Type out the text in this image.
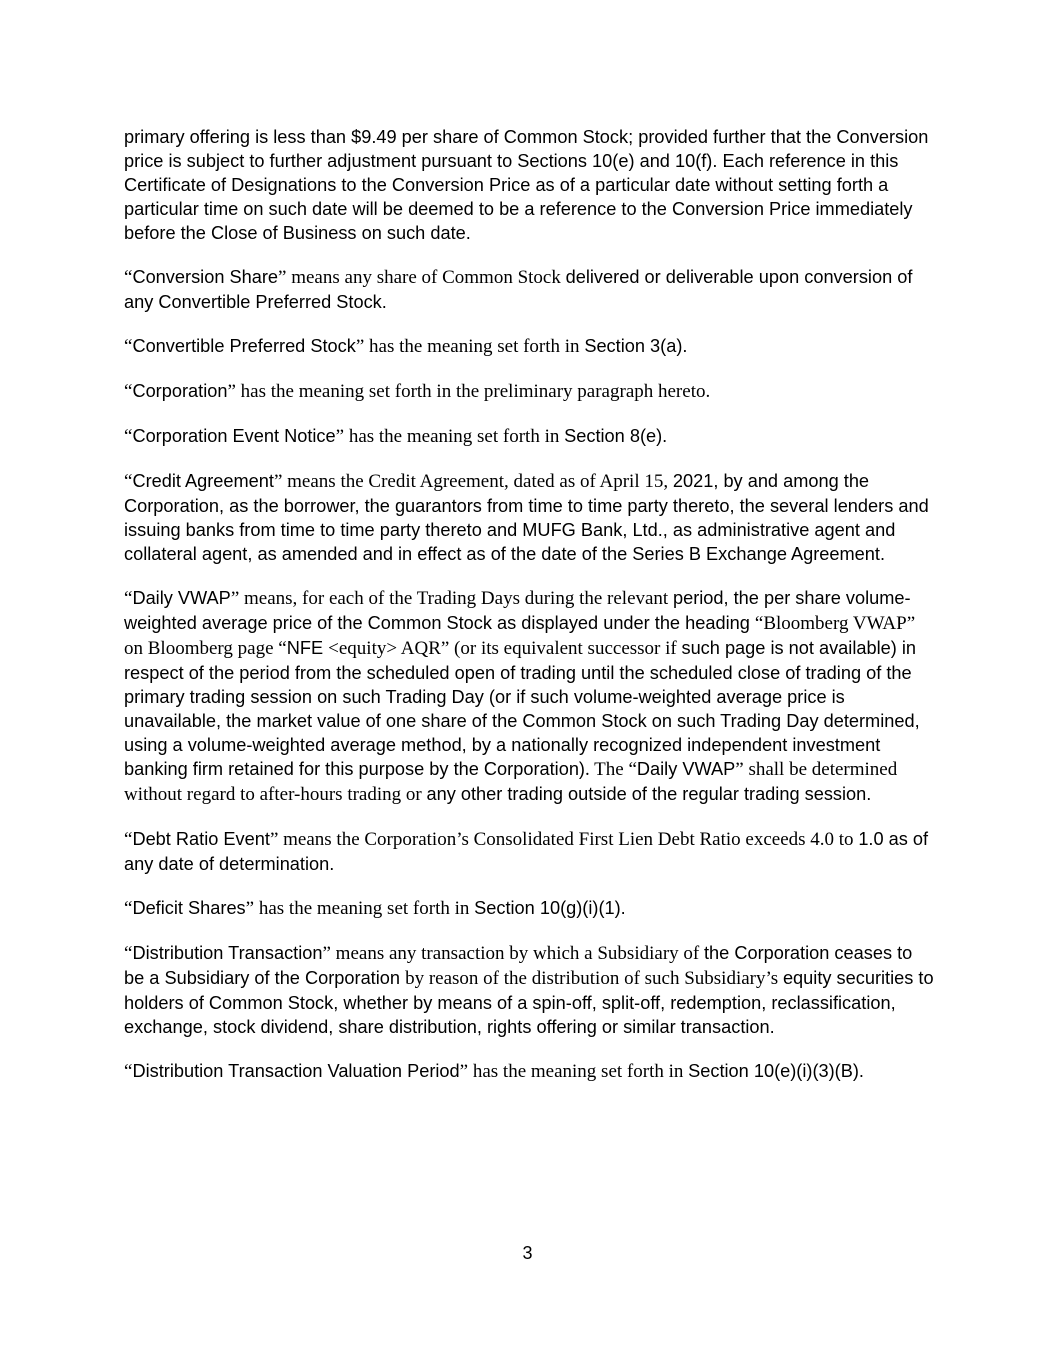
primary offering is less than $9.49 per share of Common Stock; provided further that the Conversion price is subject to further adjustment pursuant to Sections 10(e) and 10(f). Each reference in this Certificate of Designations to the Conversion Price as of a particular date without setting forth a particular time on such date will be deemed to be a reference to the Conversion Price immediately before the Close of Business on such date.

“Conversion Share” means any share of Common Stock delivered or deliverable upon conversion of any Convertible Preferred Stock.

“Convertible Preferred Stock” has the meaning set forth in Section 3(a).

“Corporation” has the meaning set forth in the preliminary paragraph hereto.

“Corporation Event Notice” has the meaning set forth in Section 8(e).

“Credit Agreement” means the Credit Agreement, dated as of April 15, 2021, by and among the Corporation, as the borrower, the guarantors from time to time party thereto, the several lenders and issuing banks from time to time party thereto and MUFG Bank, Ltd., as administrative agent and collateral agent, as amended and in effect as of the date of the Series B Exchange Agreement.

“Daily VWAP” means, for each of the Trading Days during the relevant period, the per share volume-weighted average price of the Common Stock as displayed under the heading “Bloomberg VWAP” on Bloomberg page “NFE <equity> AQR” (or its equivalent successor if such page is not available) in respect of the period from the scheduled open of trading until the scheduled close of trading of the primary trading session on such Trading Day (or if such volume-weighted average price is unavailable, the market value of one share of the Common Stock on such Trading Day determined, using a volume-weighted average method, by a nationally recognized independent investment banking firm retained for this purpose by the Corporation). The “Daily VWAP” shall be determined without regard to after-hours trading or any other trading outside of the regular trading session.

“Debt Ratio Event” means the Corporation’s Consolidated First Lien Debt Ratio exceeds 4.0 to 1.0 as of any date of determination.

“Deficit Shares” has the meaning set forth in Section 10(g)(i)(1).

“Distribution Transaction” means any transaction by which a Subsidiary of the Corporation ceases to be a Subsidiary of the Corporation by reason of the distribution of such Subsidiary’s equity securities to holders of Common Stock, whether by means of a spin-off, split-off, redemption, reclassification, exchange, stock dividend, share distribution, rights offering or similar transaction.

“Distribution Transaction Valuation Period” has the meaning set forth in Section 10(e)(i)(3)(B).

3
